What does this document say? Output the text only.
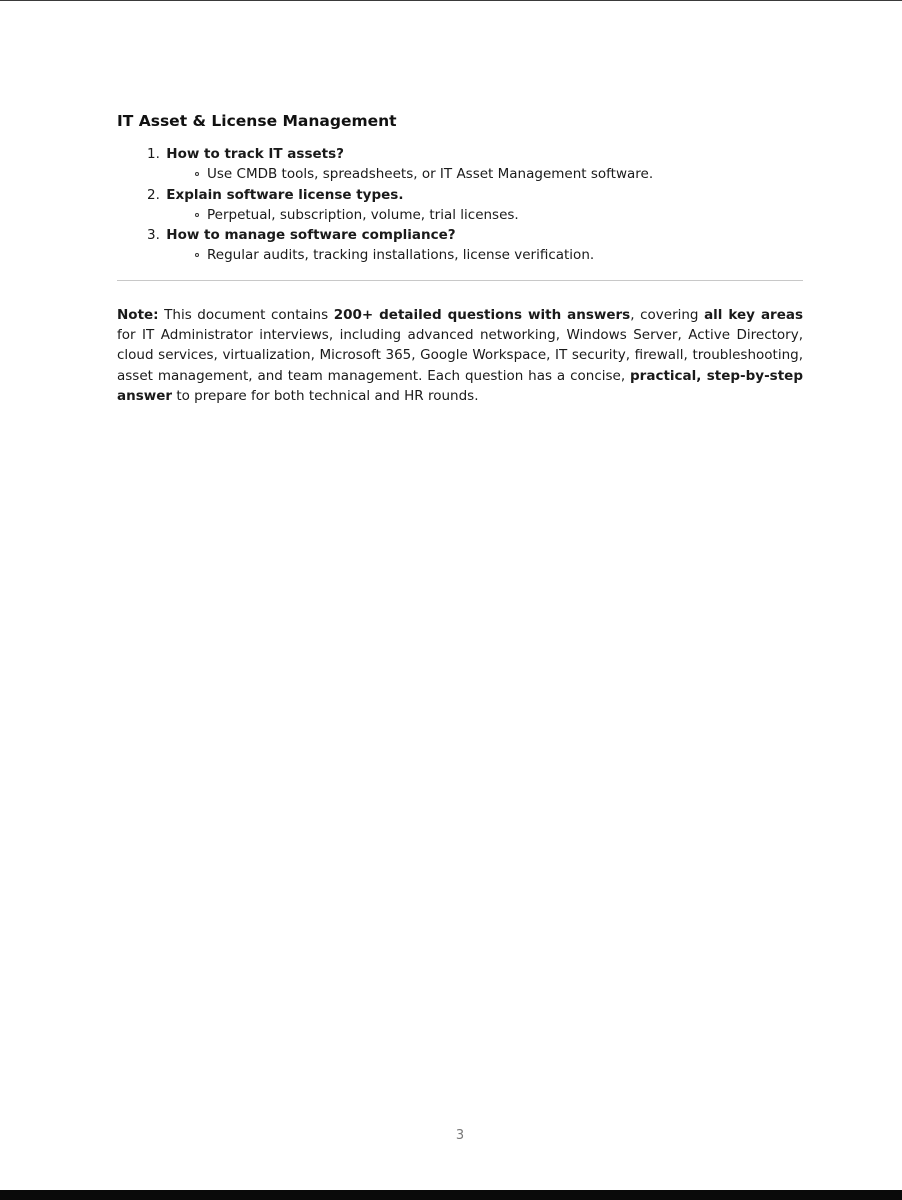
IT Asset & License Management
1. How to track IT assets?
Use CMDB tools, spreadsheets, or IT Asset Management software.
2. Explain software license types.
Perpetual, subscription, volume, trial licenses.
3. How to manage software compliance?
Regular audits, tracking installations, license verification.

Note: This document contains 200+ detailed questions with answers, covering all key areas for IT Administrator interviews, including advanced networking, Windows Server, Active Directory, cloud services, virtualization, Microsoft 365, Google Workspace, IT security, firewall, troubleshooting, asset management, and team management. Each question has a concise, practical, step-by-step answer to prepare for both technical and HR rounds.

3
